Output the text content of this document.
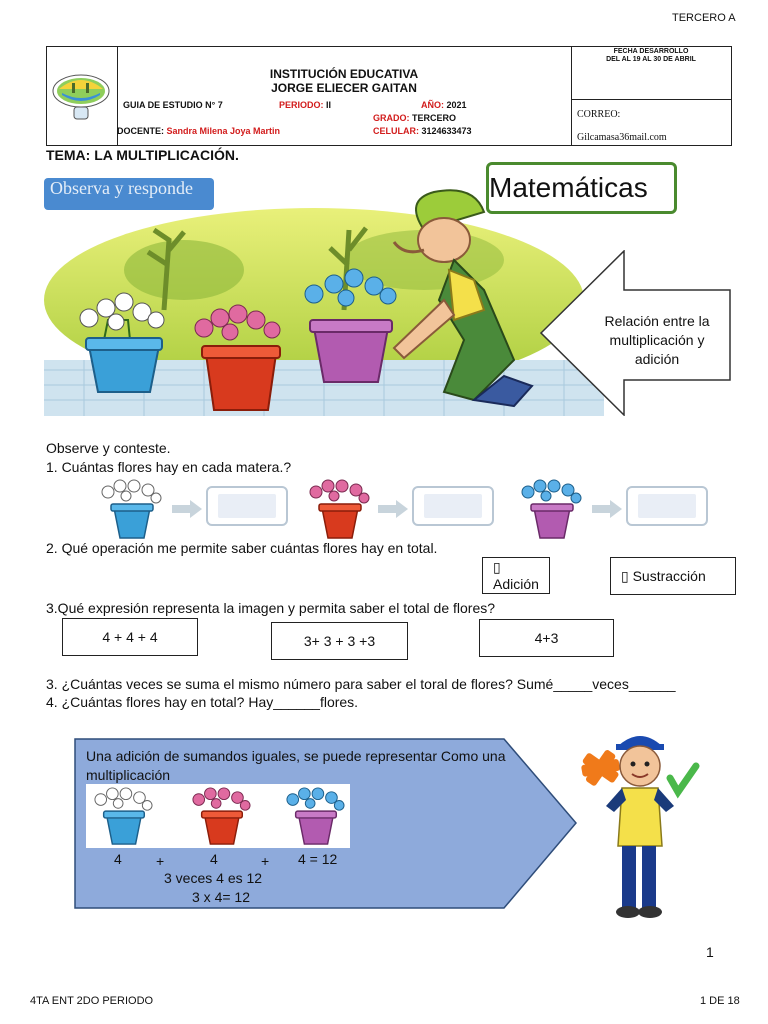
TERCERO A
INSTITUCIÓN EDUCATIVA
JORGE ELIECER GAITAN
FECHA DESARROLLO
DEL AL 19 AL 30 DE ABRIL
CORREO:
Gilcamasa36mail.com
GUIA DE ESTUDIO N° 7	PERIODO: II	AÑO: 2021
GRADO: TERCERO
DOCENTE: Sandra Milena Joya Martin	CELULAR: 3124633473
TEMA: LA MULTIPLICACIÓN.
Observa y responde	Matemáticas
Relación entre la multiplicación y adición
Observe y conteste.
1. Cuántas flores hay en cada matera.?
2. Qué operación me permite saber cuántas flores hay en total.
▯ Adición
▯ Sustracción
3.Qué expresión representa la imagen y permita saber el total de flores?
4 + 4 + 4	3+ 3 + 3 +3	4+3
3. ¿Cuántas veces se suma el mismo número para saber el toral de flores? Sumé_____veces______
4. ¿Cuántas flores hay en total? Hay______flores.
Una adición de sumandos iguales, se puede representar Como una multiplicación
4 +	4	+ 4 = 12
3 veces 4 es 12
3 x 4= 12
1
4TA ENT 2DO PERIODO	1 DE 18
